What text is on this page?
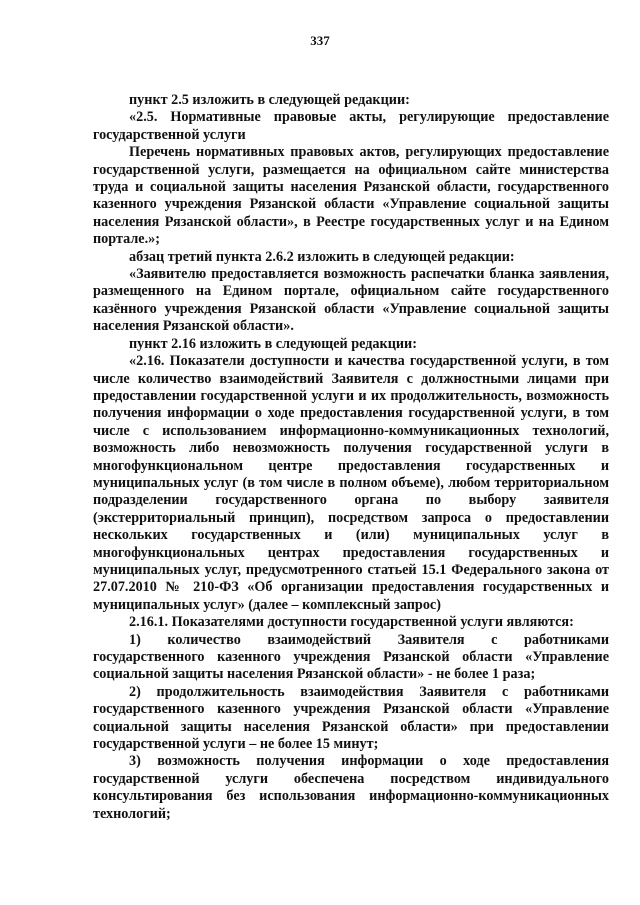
337

пункт 2.5 изложить в следующей редакции:

«2.5. Нормативные правовые акты, регулирующие предоставление государственной услуги

Перечень нормативных правовых актов, регулирующих предоставление государственной услуги, размещается на официальном сайте министерства труда и социальной защиты населения Рязанской области, государственного казенного учреждения Рязанской области «Управление социальной защиты населения Рязанской области», в Реестре государственных услуг и на Едином портале.»;

абзац третий пункта 2.6.2 изложить в следующей редакции:

«Заявителю предоставляется возможность распечатки бланка заявления, размещенного на Едином портале, официальном сайте государственного казённого учреждения Рязанской области «Управление социальной защиты населения Рязанской области».

пункт 2.16 изложить в следующей редакции:

«2.16. Показатели доступности и качества государственной услуги, в том числе количество взаимодействий Заявителя с должностными лицами при предоставлении государственной услуги и их продолжительность, возможность получения информации о ходе предоставления государственной услуги, в том числе с использованием информационно-коммуникационных технологий, возможность либо невозможность получения государственной услуги в многофункциональном центре предоставления государственных и муниципальных услуг (в том числе в полном объеме), любом территориальном подразделении государственного органа по выбору заявителя (экстерриториальный принцип), посредством запроса о предоставлении нескольких государственных и (или) муниципальных услуг в многофункциональных центрах предоставления государственных и муниципальных услуг, предусмотренного статьей 15.1 Федерального закона от 27.07.2010 № 210-ФЗ «Об организации предоставления государственных и муниципальных услуг» (далее – комплексный запрос)

2.16.1. Показателями доступности государственной услуги являются:

1) количество взаимодействий Заявителя с работниками государственного казенного учреждения Рязанской области «Управление социальной защиты населения Рязанской области» - не более 1 раза;

2) продолжительность взаимодействия Заявителя с работниками государственного казенного учреждения Рязанской области «Управление социальной защиты населения Рязанской области» при предоставлении государственной услуги – не более 15 минут;

3) возможность получения информации о ходе предоставления государственной услуги обеспечена посредством индивидуального консультирования без использования информационно-коммуникационных технологий;
